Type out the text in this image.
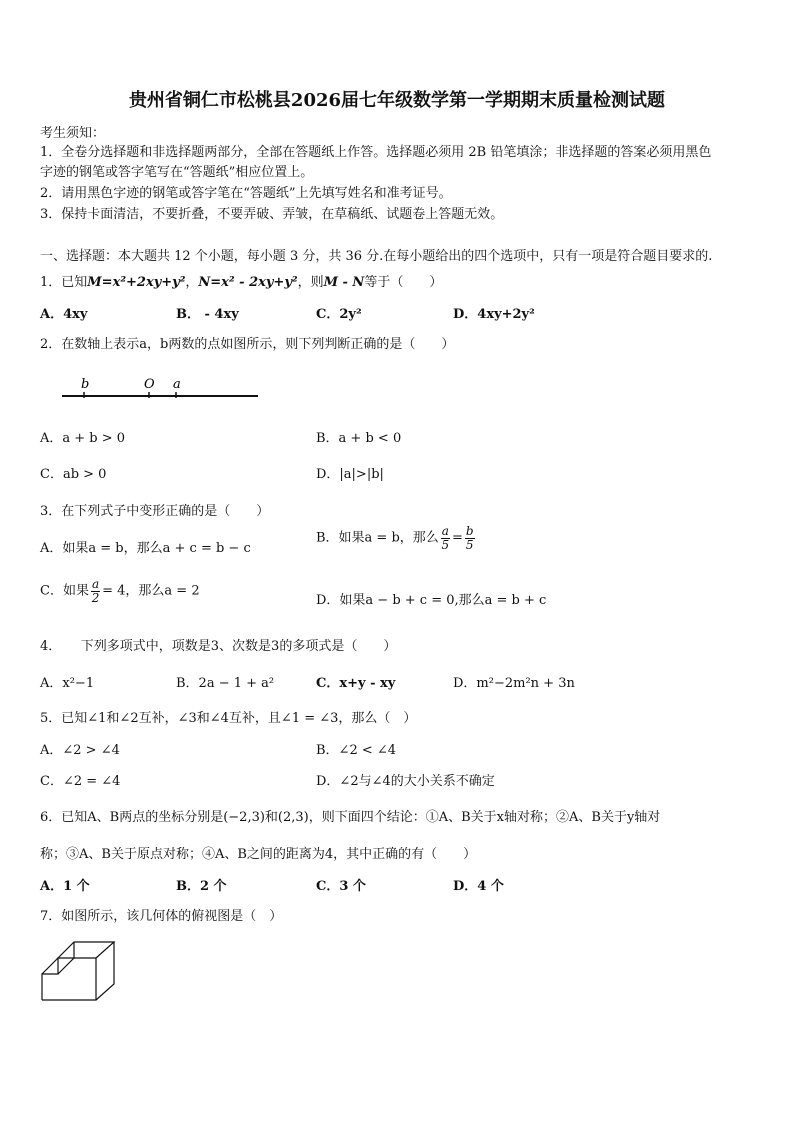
贵州省铜仁市松桃县2026届七年级数学第一学期期末质量检测试题
考生须知：
1．全卷分选择题和非选择题两部分，全部在答题纸上作答。选择题必须用 2B 铅笔填涂；非选择题的答案必须用黑色
字迹的钢笔或答字笔写在“答题纸”相应位置上。
2．请用黑色字迹的钢笔或答字笔在“答题纸”上先填写姓名和准考证号。
3．保持卡面清洁，不要折叠，不要弄破、弄皱，在草稿纸、试题卷上答题无效。
一、选择题：本大题共 12 个小题，每小题 3 分，共 36 分.在每小题给出的四个选项中，只有一项是符合题目要求的.
1．已知M=x²+2xy+y²，N=x² - 2xy+y²，则M - N等于（　　）
A．4xy	B． - 4xy	C．2y²	D．4xy+2y²
2．在数轴上表示a，b两数的点如图所示，则下列判断正确的是（　　）
b	O a
A．a + b > 0	B．a + b < 0
C．ab > 0	D．|a|>|b|
3．在下列式子中变形正确的是（　　）
A．如果a = b，那么a + c = b − c
B．如果a = b，那么 $\frac{a}{5} = \frac{b}{5}$
C．如果 $\frac{a}{2} = 4$，那么a = 2
D．如果a − b + c = 0,那么a = b + c
4．　　下列多项式中，项数是3、次数是3的多项式是（　　）
A．x²−1	B．2a − 1 + a²	C．x+y - xy	D．m²−2m²n + 3n
5．已知∠1和∠2互补，∠3和∠4互补，且∠1 = ∠3，那么（　）
A．∠2 > ∠4	B．∠2 < ∠4
C．∠2 = ∠4	D．∠2与∠4的大小关系不确定
6．已知A、B两点的坐标分别是(−2,3)和(2,3)，则下面四个结论：①A、B关于x轴对称；②A、B关于y轴对
称；③A、B关于原点对称；④A、B之间的距离为4，其中正确的有（　　）
A．1 个	B．2 个	C．3 个	D．4 个
7．如图所示，该几何体的俯视图是（　）
